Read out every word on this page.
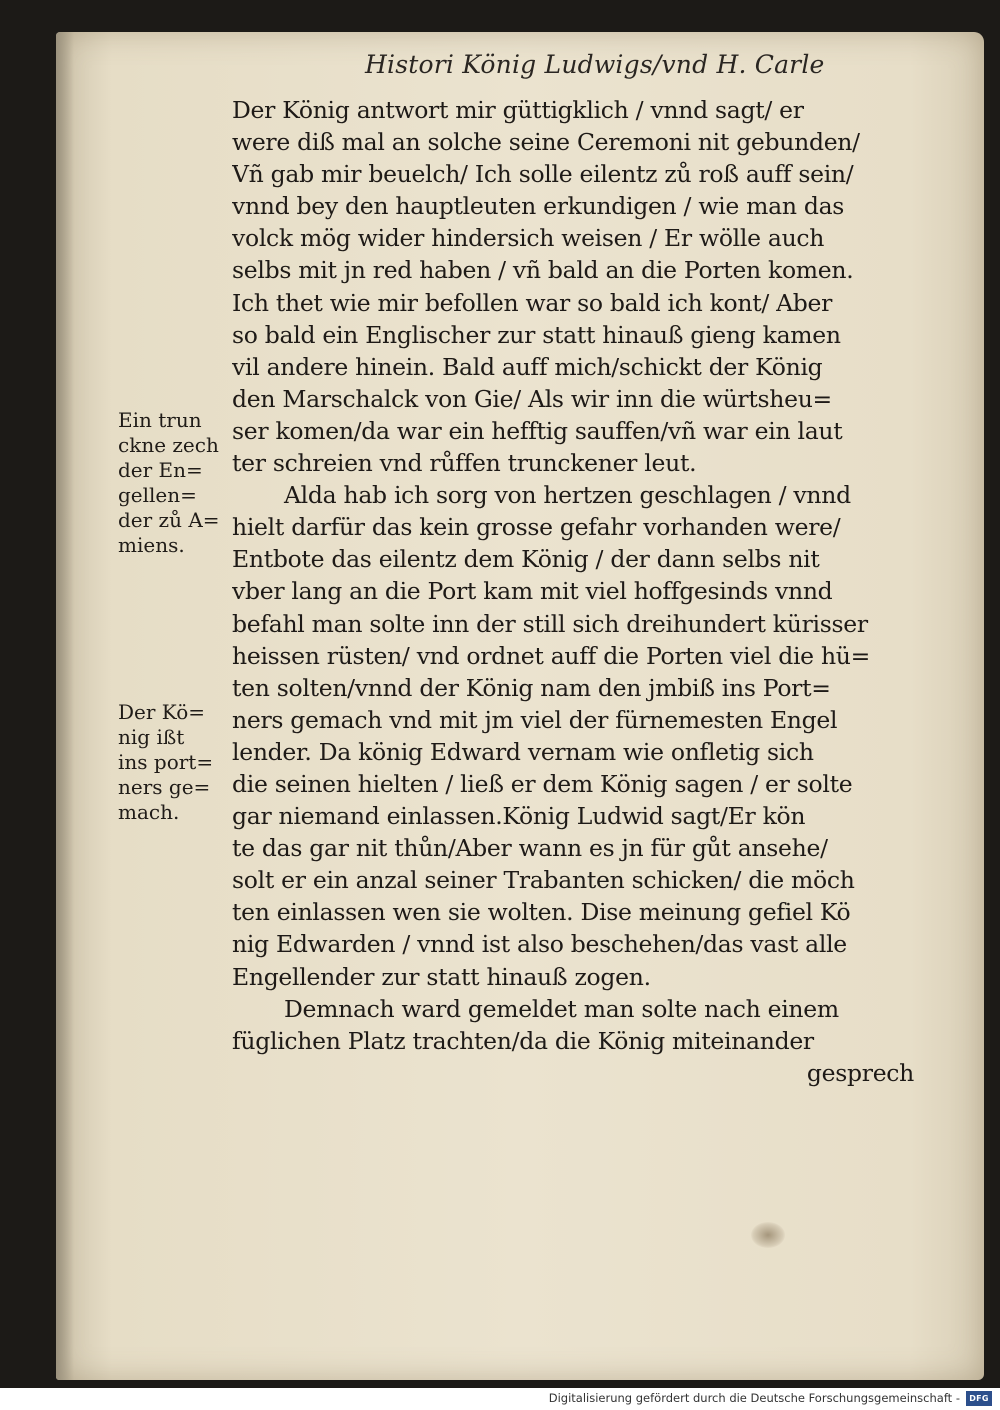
Histori König Ludwigs/vnd H. Carle
Der König antwort mir güttigklich / vnnd sagt/ er
were diß mal an solche seine Ceremoni nit gebunden/
Vñ gab mir beuelch/ Ich solle eilentz zů roß auff sein/
vnnd bey den hauptleuten erkundigen / wie man das
volck mög wider hindersich weisen / Er wölle auch
selbs mit jn red haben / vñ bald an die Porten komen.
Ich thet wie mir befollen war so bald ich kont/ Aber
so bald ein Englischer zur statt hinauß gieng kamen
vil andere hinein. Bald auff mich/schickt der König
den Marschalck von Gie/ Als wir inn die würtsheu=
ser komen/da war ein hefftig sauffen/vñ war ein laut
ter schreien vnd růffen trunckener leut.
Alda hab ich sorg von hertzen geschlagen / vnnd
hielt darfür das kein grosse gefahr vorhanden were/
Entbote das eilentz dem König / der dann selbs nit
vber lang an die Port kam mit viel hoffgesinds vnnd
befahl man solte inn der still sich dreihundert kürisser
heissen rüsten/ vnd ordnet auff die Porten viel die hü=
ten solten/vnnd der König nam den jmbiß ins Port=
ners gemach vnd mit jm viel der fürnemesten Engel
lender. Da könig Edward vernam wie onfletig sich
die seinen hielten / ließ er dem König sagen / er solte
gar niemand einlassen.König Ludwid sagt/Er kön
te das gar nit thůn/Aber wann es jn für gůt ansehe/
solt er ein anzal seiner Trabanten schicken/ die möch
ten einlassen wen sie wolten. Dise meinung gefiel Kö
nig Edwarden / vnnd ist also beschehen/das vast alle
Engellender zur statt hinauß zogen.
Demnach ward gemeldet man solte nach einem
füglichen Platz trachten/da die König miteinander
gesprech
Ein trun
ckne zech
der En=
gellen=
der zů A=
miens.
Der Kö=
nig ißt
ins port=
ners ge=
mach.
Digitalisierung gefördert durch die Deutsche Forschungsgemeinschaft -	DFG
